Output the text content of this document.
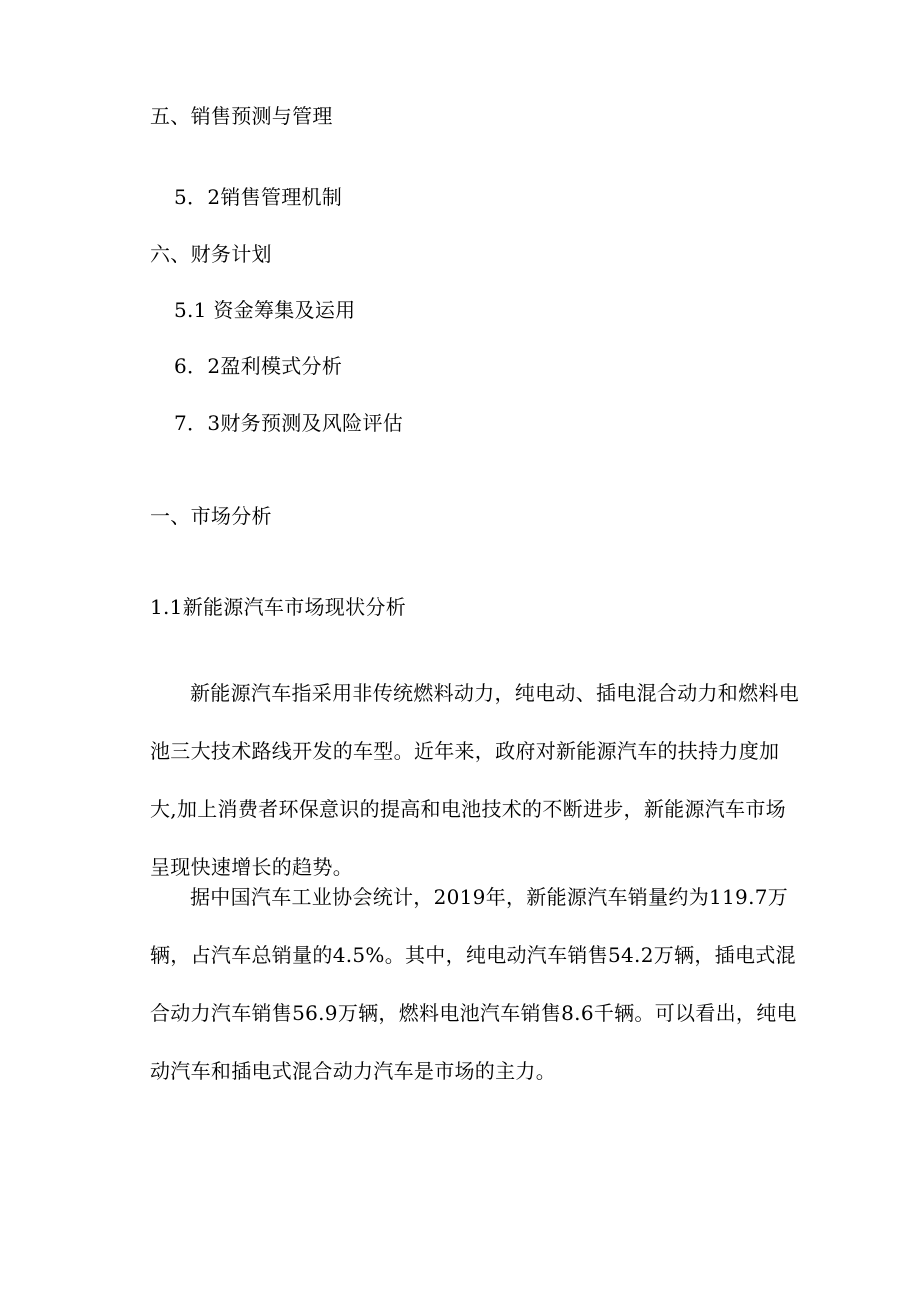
五、销售预测与管理
5．2销售管理机制
六、财务计划
5.1 资金筹集及运用
6．2盈利模式分析
7．3财务预测及风险评估
一、市场分析
1.1新能源汽车市场现状分析
新能源汽车指采用非传统燃料动力，纯电动、插电混合动力和燃料电池三大技术路线开发的车型。近年来，政府对新能源汽车的扶持力度加大,加上消费者环保意识的提高和电池技术的不断进步，新能源汽车市场呈现快速增长的趋势。
据中国汽车工业协会统计，2019年，新能源汽车销量约为119.7万辆，占汽车总销量的4.5%。其中，纯电动汽车销售54.2万辆，插电式混合动力汽车销售56.9万辆，燃料电池汽车销售8.6千辆。可以看出，纯电动汽车和插电式混合动力汽车是市场的主力。
